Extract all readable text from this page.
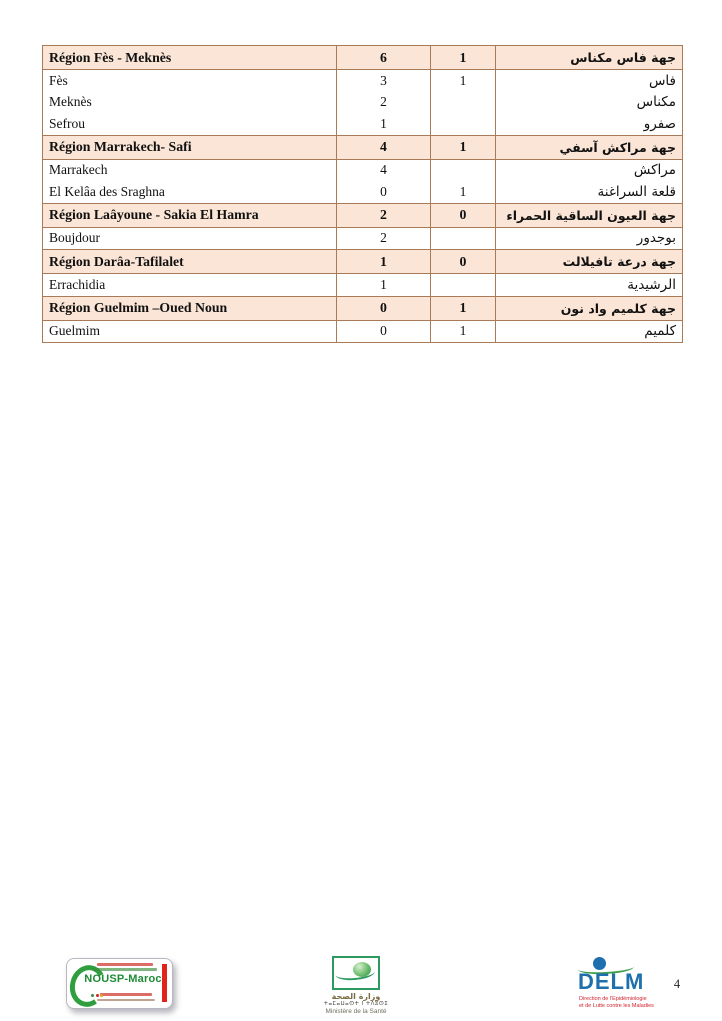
Région Fès - Meknès	6	1	جهة فاس مكناس
Fès	3	1	فاس
Meknès	2		مكناس
Sefrou	1		صفرو
Région Marrakech- Safi	4	1	جهة مراكش آسفي
Marrakech	4		مراكش
El Kelâa des Sraghna	0	1	قلعة السراغنة
Région Laâyoune - Sakia El Hamra	2	0	جهة العيون الساقية الحمراء
Boujdour	2		بوجدور
Région Darâa-Tafilalet	1	0	جهة درعة تافيلالت
Errachidia	1		الرشيدية
Région Guelmim –Oued Noun	0	1	جهة كلميم واد نون
Guelmim	0	1	كلميم
NOUSP-Maroc
وزارة الصحة
ⵜⴰⵎⴰⵡⴰⵙⵜ ⵏ ⵜⴷⵓⵙⵉ
Ministère de la Santé
DELM
Direction de l'Epidémiologie
et de Lutte contre les Maladies
4
